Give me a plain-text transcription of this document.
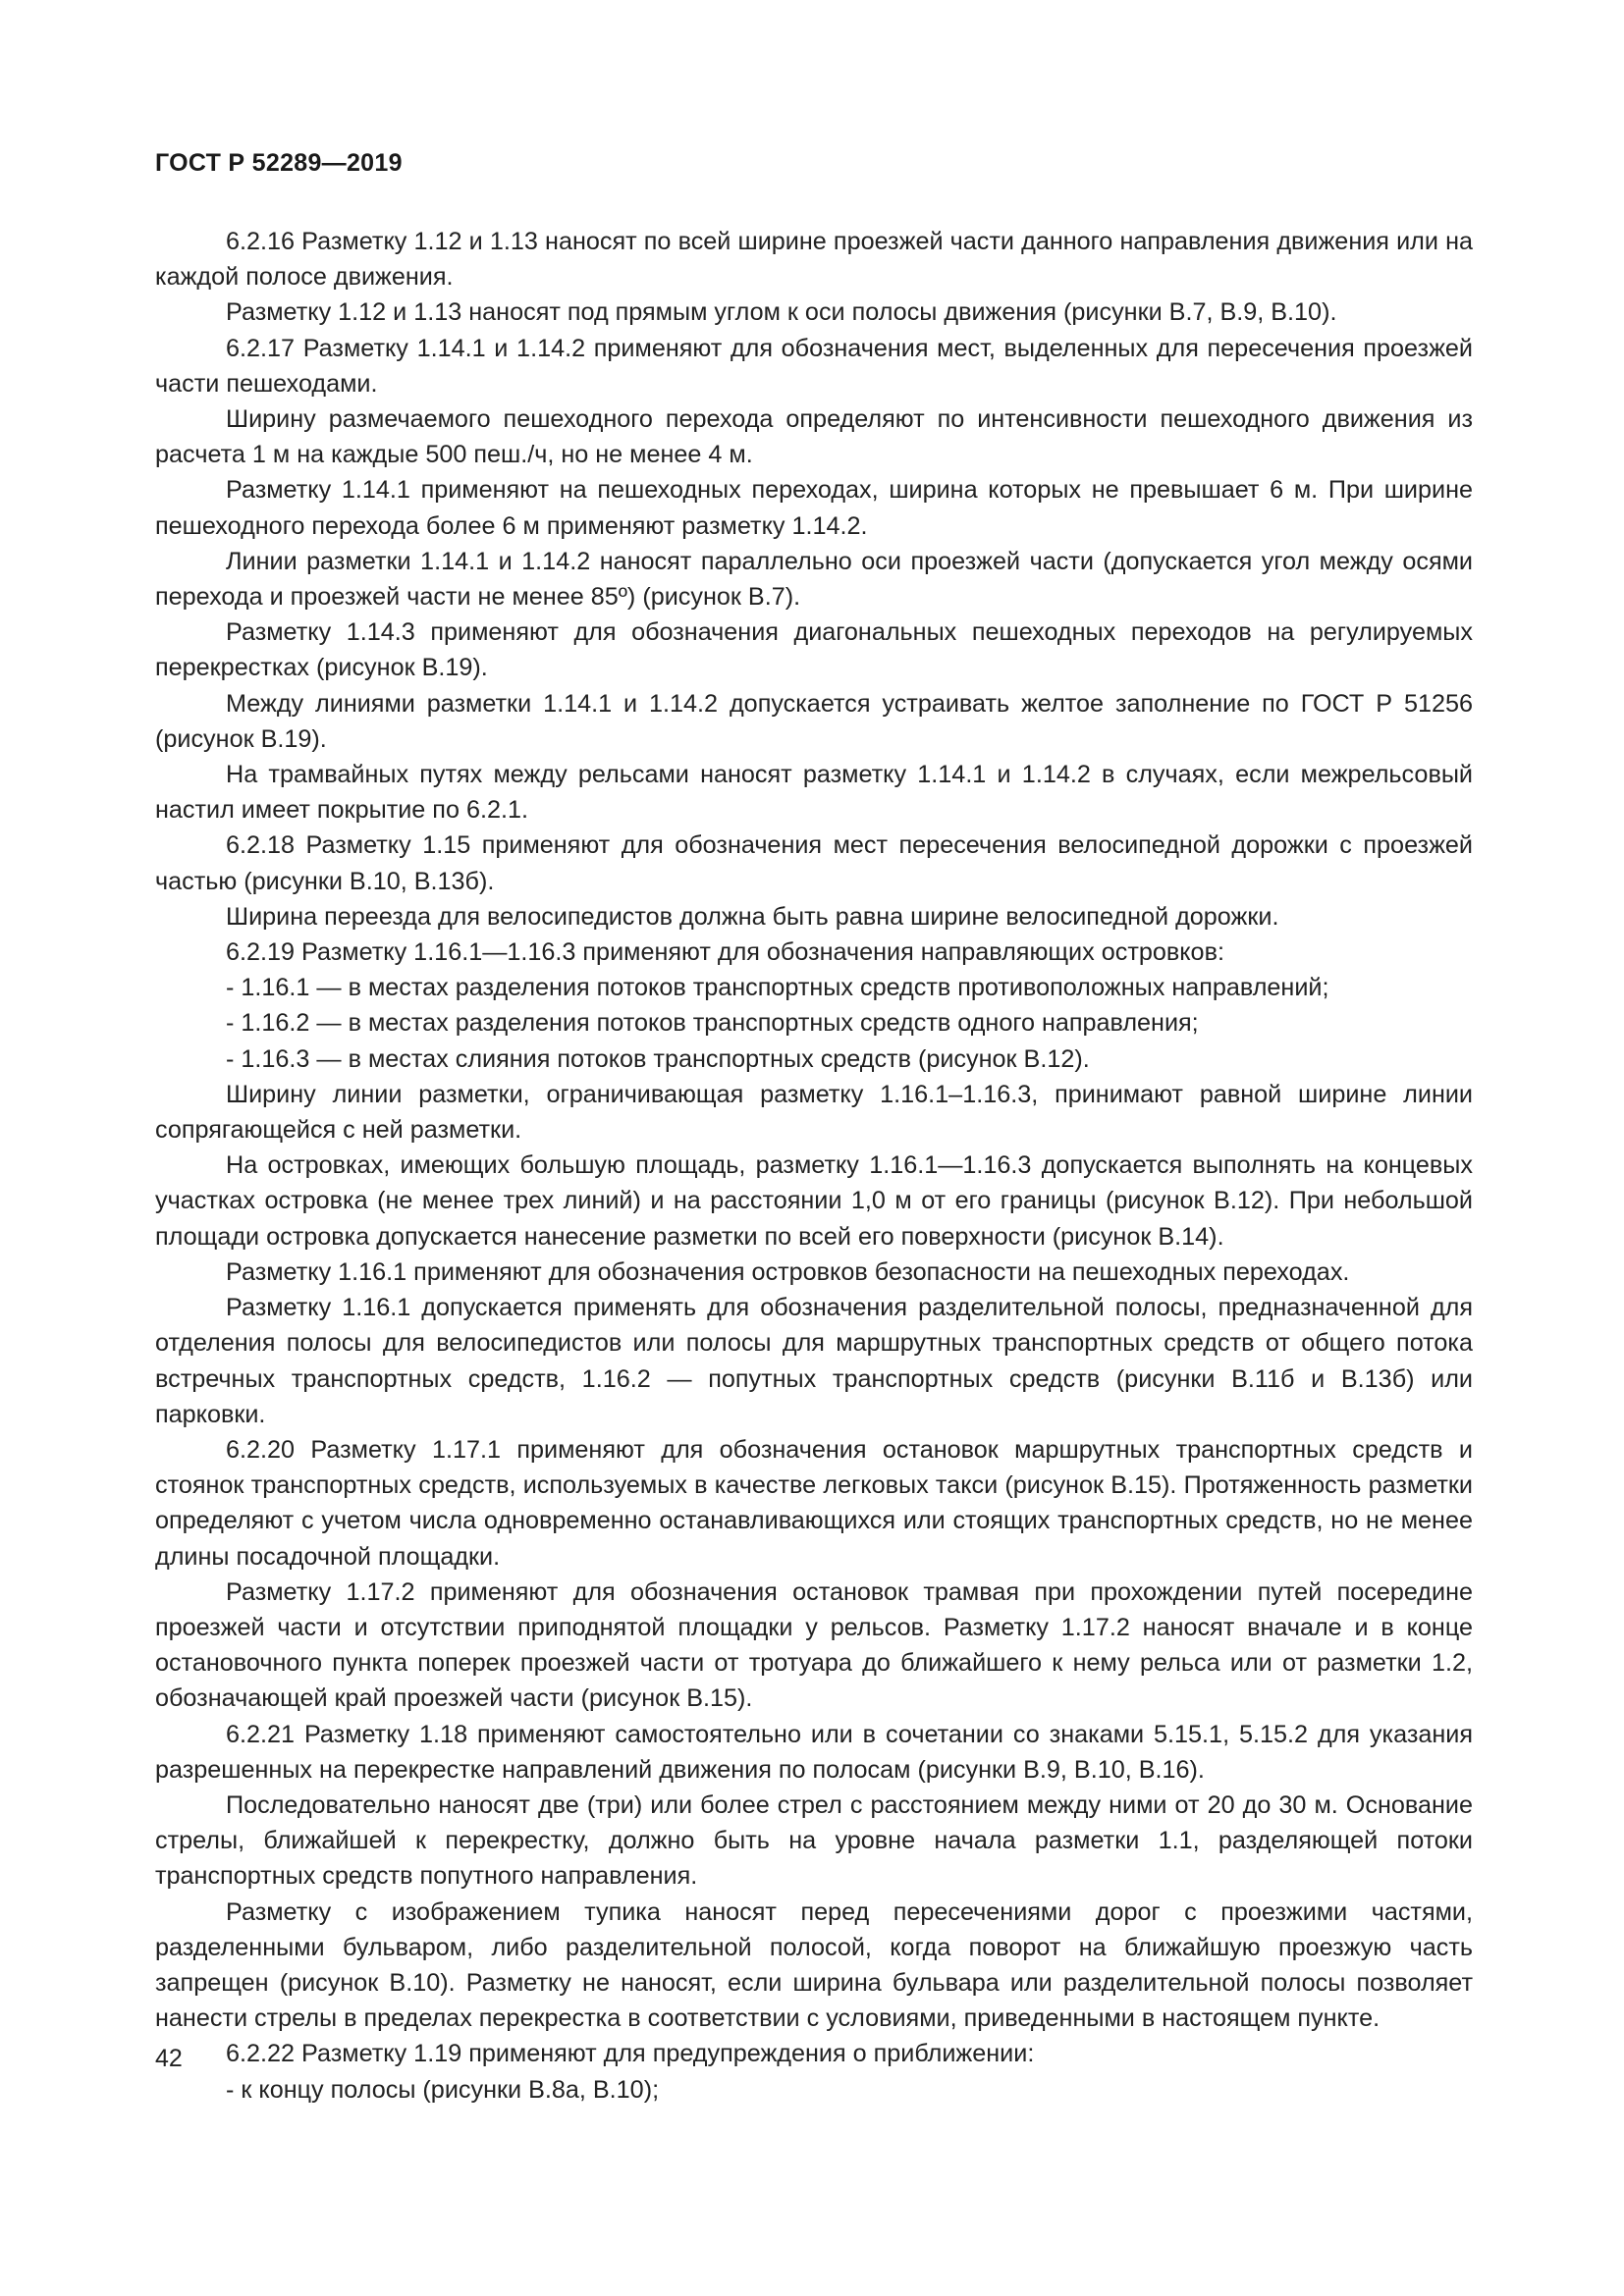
ГОСТ Р 52289—2019

6.2.16 Разметку 1.12 и 1.13 наносят по всей ширине проезжей части данного направления движения или на каждой полосе движения.

Разметку 1.12 и 1.13 наносят под прямым углом к оси полосы движения (рисунки В.7, В.9, В.10).

6.2.17 Разметку 1.14.1 и 1.14.2 применяют для обозначения мест, выделенных для пересечения проезжей части пешеходами.

Ширину размечаемого пешеходного перехода определяют по интенсивности пешеходного движения из расчета 1 м на каждые 500 пеш./ч, но не менее 4 м.

Разметку 1.14.1 применяют на пешеходных переходах, ширина которых не превышает 6 м. При ширине пешеходного перехода более 6 м применяют разметку 1.14.2.

Линии разметки 1.14.1 и 1.14.2 наносят параллельно оси проезжей части (допускается угол между осями перехода и проезжей части не менее 85º) (рисунок В.7).

Разметку 1.14.3 применяют для обозначения диагональных пешеходных переходов на регулируемых перекрестках (рисунок В.19).

Между линиями разметки 1.14.1 и 1.14.2 допускается устраивать желтое заполнение по ГОСТ Р 51256 (рисунок В.19).

На трамвайных путях между рельсами наносят разметку 1.14.1 и 1.14.2 в случаях, если межрельсовый настил имеет покрытие по 6.2.1.

6.2.18 Разметку 1.15 применяют для обозначения мест пересечения велосипедной дорожки с проезжей частью (рисунки В.10, В.13б).

Ширина переезда для велосипедистов должна быть равна ширине велосипедной дорожки.

6.2.19 Разметку 1.16.1—1.16.3 применяют для обозначения направляющих островков:

- 1.16.1 — в местах разделения потоков транспортных средств противоположных направлений;

- 1.16.2 — в местах разделения потоков транспортных средств одного направления;

- 1.16.3 — в местах слияния потоков транспортных средств (рисунок В.12).

Ширину линии разметки, ограничивающая разметку 1.16.1–1.16.3, принимают равной ширине линии сопрягающейся с ней разметки.

На островках, имеющих большую площадь, разметку 1.16.1—1.16.3 допускается выполнять на концевых участках островка (не менее трех линий) и на расстоянии 1,0 м от его границы (рисунок В.12). При небольшой площади островка допускается нанесение разметки по всей его поверхности (рисунок В.14).

Разметку 1.16.1 применяют для обозначения островков безопасности на пешеходных переходах.

Разметку 1.16.1 допускается применять для обозначения разделительной полосы, предназначенной для отделения полосы для велосипедистов или полосы для маршрутных транспортных средств от общего потока встречных транспортных средств, 1.16.2 — попутных транспортных средств (рисунки В.11б и В.13б) или парковки.

6.2.20 Разметку 1.17.1 применяют для обозначения остановок маршрутных транспортных средств и стоянок транспортных средств, используемых в качестве легковых такси (рисунок В.15). Протяженность разметки определяют с учетом числа одновременно останавливающихся или стоящих транспортных средств, но не менее длины посадочной площадки.

Разметку 1.17.2 применяют для обозначения остановок трамвая при прохождении путей посередине проезжей части и отсутствии приподнятой площадки у рельсов. Разметку 1.17.2 наносят вначале и в конце остановочного пункта поперек проезжей части от тротуара до ближайшего к нему рельса или от разметки 1.2, обозначающей край проезжей части (рисунок В.15).

6.2.21 Разметку 1.18 применяют самостоятельно или в сочетании со знаками 5.15.1, 5.15.2 для указания разрешенных на перекрестке направлений движения по полосам (рисунки В.9, В.10, В.16).

Последовательно наносят две (три) или более стрел с расстоянием между ними от 20 до 30 м. Основание стрелы, ближайшей к перекрестку, должно быть на уровне начала разметки 1.1, разделяющей потоки транспортных средств попутного направления.

Разметку с изображением тупика наносят перед пересечениями дорог с проезжими частями, разделенными бульваром, либо разделительной полосой, когда поворот на ближайшую проезжую часть запрещен (рисунок В.10). Разметку не наносят, если ширина бульвара или разделительной полосы позволяет нанести стрелы в пределах перекрестка в соответствии с условиями, приведенными в настоящем пункте.

6.2.22 Разметку 1.19 применяют для предупреждения о приближении:

- к концу полосы (рисунки В.8а, В.10);

42
